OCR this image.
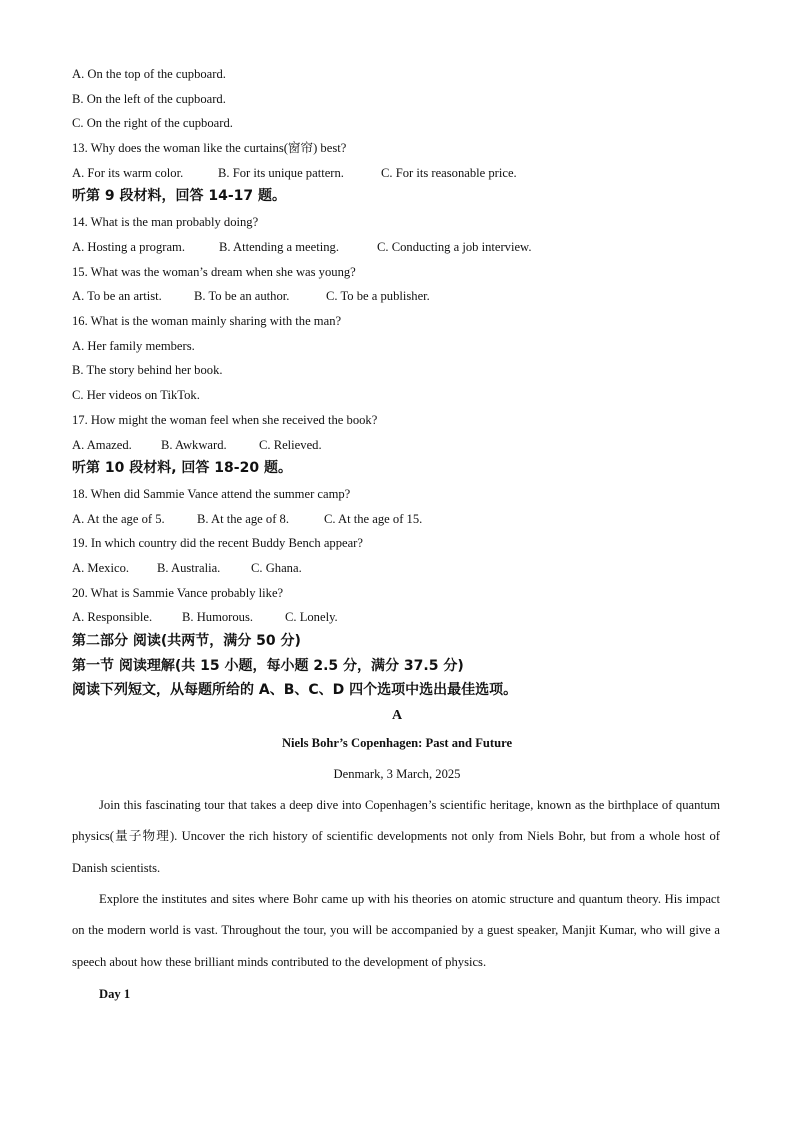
A. On the top of the cupboard.
B. On the left of the cupboard.
C. On the right of the cupboard.
13. Why does the woman like the curtains(窗帘) best?
A. For its warm color.	B. For its unique pattern.	C. For its reasonable price.
听第 9 段材料，回答 14-17 题。
14. What is the man probably doing?
A. Hosting a program.	B. Attending a meeting.	C. Conducting a job interview.
15. What was the woman’s dream when she was young?
A. To be an artist.	B. To be an author.	C. To be a publisher.
16. What is the woman mainly sharing with the man?
A. Her family members.
B. The story behind her book.
C. Her videos on TikTok.
17. How might the woman feel when she received the book?
A. Amazed. B. Awkward.	C. Relieved.
听第 10 段材料, 回答 18-20 题。
18. When did Sammie Vance attend the summer camp?
A. At the age of 5.	B. At the age of 8.	C. At the age of 15.
19. In which country did the recent Buddy Bench appear?
A. Mexico. B. Australia. C. Ghana.
20. What is Sammie Vance probably like?
A. Responsible. B. Humorous.	C. Lonely.
第二部分 阅读(共两节，满分 50 分)
第一节 阅读理解(共 15 小题，每小题 2.5 分，满分 37.5 分)
阅读下列短文，从每题所给的 A、B、C、D 四个选项中选出最佳选项。
A
Niels Bohr’s Copenhagen: Past and Future
Denmark, 3 March, 2025
Join this fascinating tour that takes a deep dive into Copenhagen’s scientific heritage, known as the birthplace of quantum physics(量子物理). Uncover the rich history of scientific developments not only from Niels Bohr, but from a whole host of Danish scientists.
Explore the institutes and sites where Bohr came up with his theories on atomic structure and quantum theory. His impact on the modern world is vast. Throughout the tour, you will be accompanied by a guest speaker, Manjit Kumar, who will give a speech about how these brilliant minds contributed to the development of physics.
Day 1
